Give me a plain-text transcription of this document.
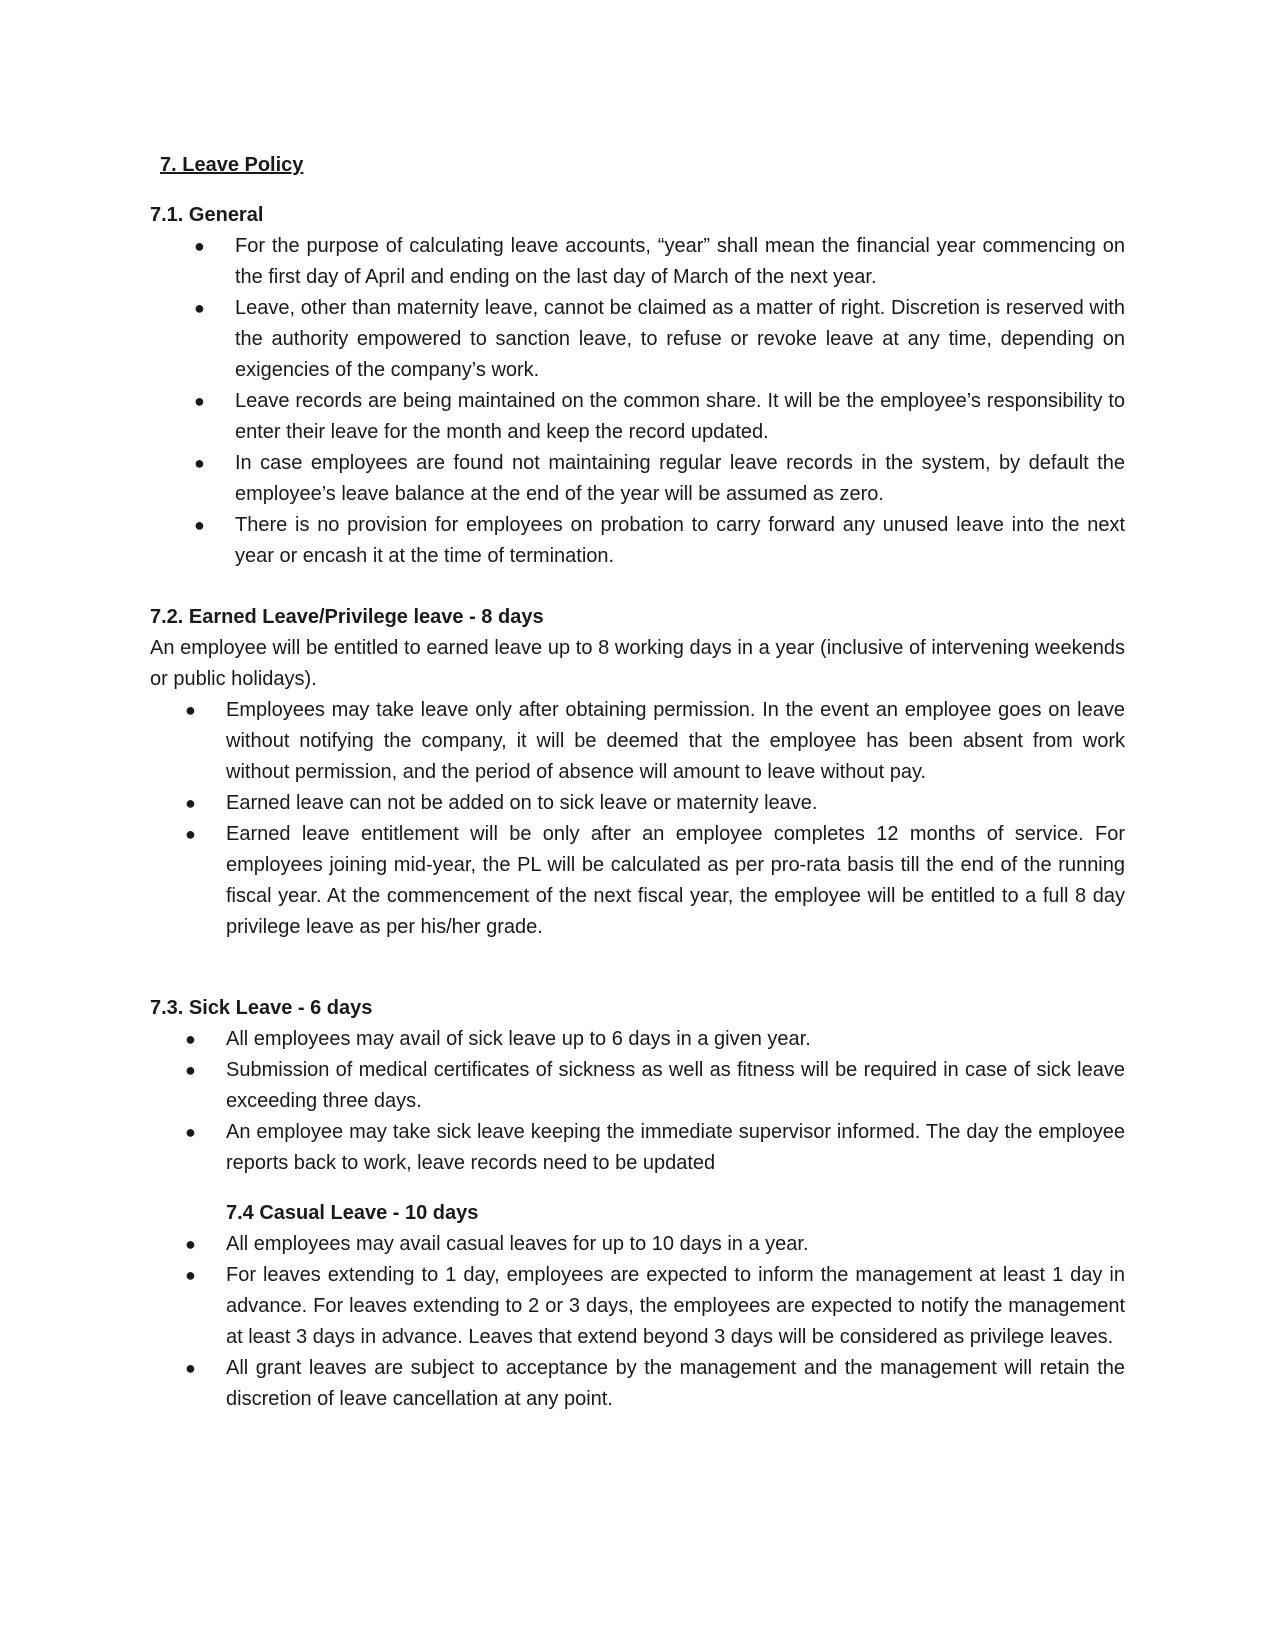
7. Leave Policy
7.1. General
● For the purpose of calculating leave accounts, “year” shall mean the financial year commencing on the first day of April and ending on the last day of March of the next year.
● Leave, other than maternity leave, cannot be claimed as a matter of right. Discretion is reserved with the authority empowered to sanction leave, to refuse or revoke leave at any time, depending on exigencies of the company’s work.
● Leave records are being maintained on the common share. It will be the employee’s responsibility to enter their leave for the month and keep the record updated.
● In case employees are found not maintaining regular leave records in the system, by default the employee’s leave balance at the end of the year will be assumed as zero.
● There is no provision for employees on probation to carry forward any unused leave into the next year or encash it at the time of termination.
7.2. Earned Leave/Privilege leave - 8 days
An employee will be entitled to earned leave up to 8 working days in a year (inclusive of intervening weekends or public holidays).
● Employees may take leave only after obtaining permission. In the event an employee goes on leave without notifying the company, it will be deemed that the employee has been absent from work without permission, and the period of absence will amount to leave without pay.
● Earned leave can not be added on to sick leave or maternity leave.
● Earned leave entitlement will be only after an employee completes 12 months of service. For employees joining mid-year, the PL will be calculated as per pro-rata basis till the end of the running fiscal year. At the commencement of the next fiscal year, the employee will be entitled to a full 8 day privilege leave as per his/her grade.
7.3. Sick Leave - 6 days
● All employees may avail of sick leave up to 6 days in a given year.
● Submission of medical certificates of sickness as well as fitness will be required in case of sick leave exceeding three days.
● An employee may take sick leave keeping the immediate supervisor informed. The day the employee reports back to work, leave records need to be updated
7.4 Casual Leave - 10 days
● All employees may avail casual leaves for up to 10 days in a year.
● For leaves extending to 1 day, employees are expected to inform the management at least 1 day in advance. For leaves extending to 2 or 3 days, the employees are expected to notify the management at least 3 days in advance. Leaves that extend beyond 3 days will be considered as privilege leaves.
● All grant leaves are subject to acceptance by the management and the management will retain the discretion of leave cancellation at any point.
